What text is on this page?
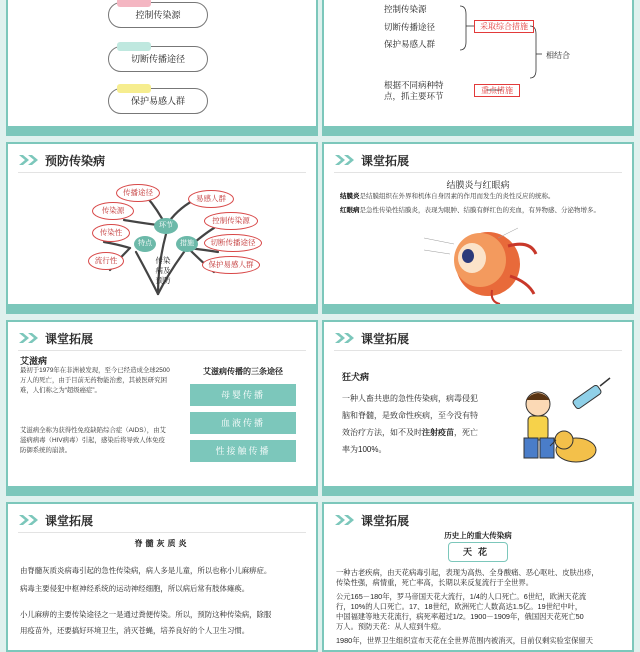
控制传染源
切断传播途径
保护易感人群
控制传染源
切断传播途径
保护易感人群
采取综合措施
相结合
根据不同病种特
点，抓主要环节
重点措施
预防传染病
传播途径
易感人群
传染源
控制传染源
传染性
切断传播途径
流行性	保护易感人群
环节
特点	措施
传染
病及
预防
课堂拓展
结膜炎与红眼病
结膜炎是结膜组织在外界和机体自身因素的作用而发生的炎性反应的统称。
红眼病是急性传染性结膜炎，表现为眼肿、结膜有鲜红色的充血，有异物感、分泌物增多。
课堂拓展
艾滋病
最初于1979年在非洲被发现，至今已经造成全球2500万人的死亡，由于目前无药物能治愈，其被医研究困难，人们称之为“超级癌症”。
艾滋病全称为获得性免疫缺陷综合症（AIDS），由艾滋病病毒（HIV病毒）引起，感染后将导致人体免疫防御系统的崩溃。
艾滋病传播的三条途径
母婴传播
血液传播
性接触传播
课堂拓展
狂犬病
一种人畜共患的急性传染病，病毒侵犯
脑和脊髓，是致命性疾病，至今没有特
效治疗方法，如不及时注射疫苗，死亡
率为100%。
课堂拓展
脊髓灰质炎
由脊髓灰质炎病毒引起的急性传染病，病人多是儿童，所以也称小儿麻痹症。
病毒主要侵犯中枢神经系统的运动神经细胞，所以病后常有肢体瘫痪。
小儿麻痹的主要传染途径之一是通过粪便传染。所以，预防这种传染病，除服
用疫苗外，还要搞好环境卫生，消灭苍蝇，培养良好的个人卫生习惯。
课堂拓展
历史上的重大传染病
天花
一种古老疾病，由天花病毒引起，表现为高热、全身酸痛、恶心呕吐、皮肤出疹，
传染性强，病情重，死亡率高，长期以来反复流行于全世界。
公元165－180年，罗马帝国天花大流行，1/4的人口死亡。6世纪，欧洲天花流
行，10%的人口死亡。17、18世纪，欧洲死亡人数高达1.5亿。19世纪中叶，
中国福建等地天花流行，病死率超过1/2。1900－1909年，俄国因天花死亡50
万人。预防天花：从人痘到牛痘。
1980年，世界卫生组织宣布天花在全世界范围内被消灭，目前仅剩实验室保留天
